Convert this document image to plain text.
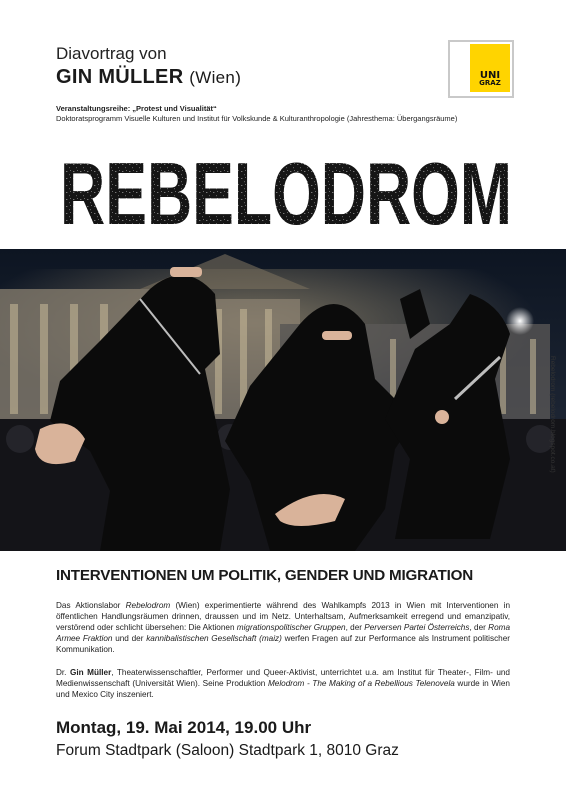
Diavortrag von
GIN MÜLLER (Wien)
Veranstaltungsreihe: „Protest und Visualität“
Doktoratsprogramm Visuelle Kulturen und Institut für Volkskunde & Kulturanthropologie (Jahresthema: Übergangsräume)
UNI
GRAZ
REBELODROM
Rebelodrom (rebelodrom.blogspot.co.at)
INTERVENTIONEN UM POLITIK, GENDER UND MIGRATION
Das Aktionslabor Rebelodrom (Wien) experimentierte während des Wahlkampfs 2013 in Wien mit Interventionen in öffentlichen Handlungsräumen drinnen, draussen und im Netz. Unterhaltsam, Aufmerksamkeit erregend und emanzipativ, verstörend oder schlicht übersehen: Die Aktionen migrationspolitischer Gruppen, der Perversen Partei Österreichs, der Roma Armee Fraktion und der kannibalistischen Gesellschaft (maiz) werfen Fragen auf zur Performance als Instrument politischer Kommunikation.
Dr. Gin Müller, Theaterwissenschaftler, Performer und Queer-Aktivist, unterrichtet u.a. am Institut für Theater-, Film- und Medienwissenschaft (Universität Wien). Seine Produktion Melodrom - The Making of a Rebellious Telenovela wurde in Wien und Mexico City inszeniert.
Montag, 19. Mai 2014, 19.00 Uhr
Forum Stadtpark (Saloon) Stadtpark 1, 8010 Graz
